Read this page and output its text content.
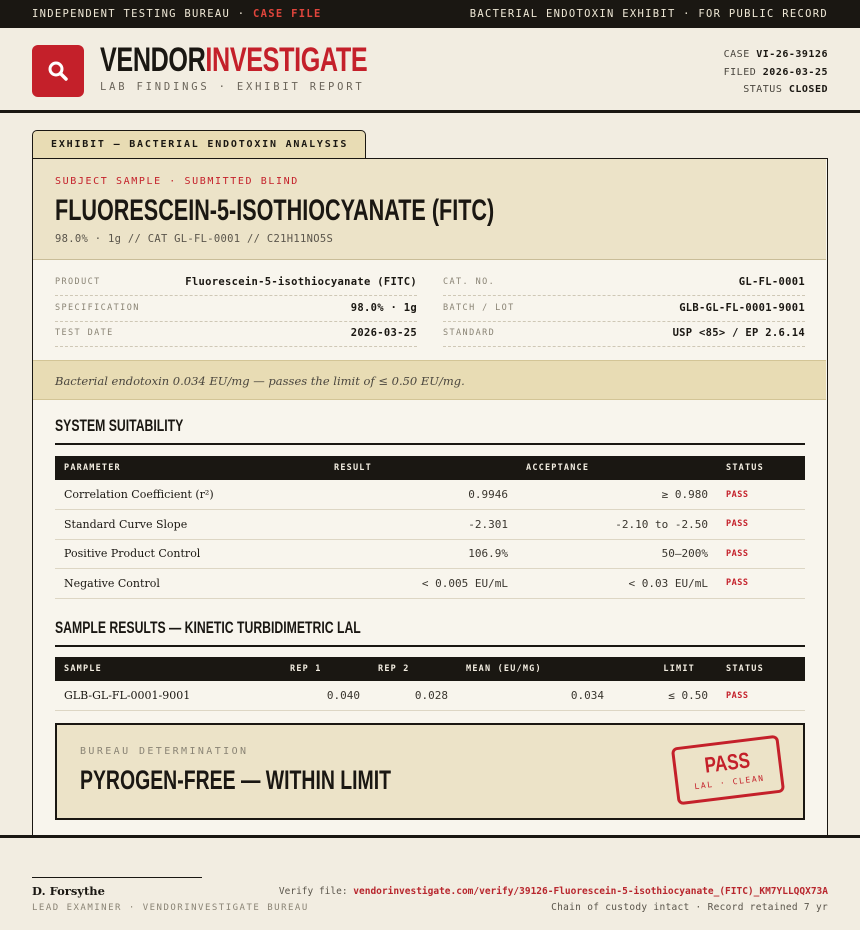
INDEPENDENT TESTING BUREAU · CASE FILE	BACTERIAL ENDOTOXIN EXHIBIT · FOR PUBLIC RECORD
VENDORINVESTIGATE
LAB FINDINGS · EXHIBIT REPORT
CASE VI-26-39126
FILED 2026-03-25
STATUS CLOSED
EXHIBIT — BACTERIAL ENDOTOXIN ANALYSIS
SUBJECT SAMPLE · SUBMITTED BLIND
FLUORESCEIN-5-ISOTHIOCYANATE (FITC)
98.0% · 1g // CAT GL-FL-0001 // C21H11NO5S
PRODUCT	Fluorescein-5-isothiocyanate (FITC)	CAT. NO.	GL-FL-0001
SPECIFICATION	98.0% · 1g	BATCH / LOT	GLB-GL-FL-0001-9001
TEST DATE	2026-03-25	STANDARD	USP <85> / EP 2.6.14
Bacterial endotoxin 0.034 EU/mg — passes the limit of ≤ 0.50 EU/mg.
SYSTEM SUITABILITY
PARAMETER	RESULT	ACCEPTANCE	STATUS
Correlation Coefficient (r²)	0.9946	≥ 0.980	PASS
Standard Curve Slope	-2.301	-2.10 to -2.50	PASS
Positive Product Control	106.9%	50–200%	PASS
Negative Control	< 0.005 EU/mL	< 0.03 EU/mL	PASS
SAMPLE RESULTS — KINETIC TURBIDIMETRIC LAL
SAMPLE	REP 1	REP 2	MEAN (EU/MG)	LIMIT	STATUS
GLB-GL-FL-0001-9001	0.040	0.028	0.034	≤ 0.50	PASS
BUREAU DETERMINATION
PYROGEN-FREE — WITHIN LIMIT
PASS
LAL · CLEAN
D. Forsythe
LEAD EXAMINER · VENDORINVESTIGATE BUREAU
Verify file: vendorinvestigate.com/verify/39126-Fluorescein-5-isothiocyanate_(FITC)_KM7YLLQQX73A
Chain of custody intact · Record retained 7 yr
